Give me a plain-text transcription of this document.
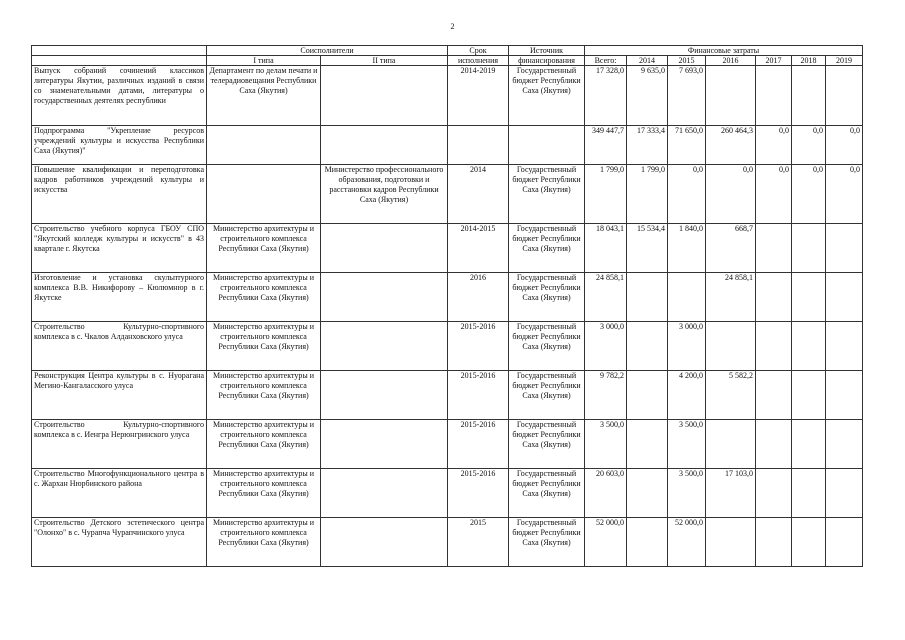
2
	Соисполнители		Срок	Источник	Финансовые затраты						
	I типа	II типа	исполнения	финансирования	Всего:	2014	2015	2016	2017	2018	2019
Выпуск собраний сочинений классиков литературы Якутии, различных изданий в связи со знаменательными датами, литературы о государственных деятелях республики	Департамент по делам печати и телерадиовещания Республики Саха (Якутия)		2014-2019	Государственный бюджет Республики Саха (Якутия)	17 328,0	9 635,0	7 693,0				
Подпрограмма "Укрепление ресурсов учреждений культуры и искусства Республики Саха (Якутия)"					349 447,7	17 333,4	71 650,0	260 464,3	0,0	0,0	0,0
Повышение квалификации и переподготовка кадров работников учреждений культуры и искусства		Министерство профессионального образования, подготовки и расстановки кадров Республики Саха (Якутия)	2014	Государственный бюджет Республики Саха (Якутия)	1 799,0	1 799,0	0,0	0,0	0,0	0,0	0,0
Строительство учебного корпуса ГБОУ СПО "Якутский колледж культуры и искусств" в 43 квартале г. Якутска	Министерство архитектуры и строительного комплекса Республики Саха (Якутия)		2014-2015	Государственный бюджет Республики Саха (Якутия)	18 043,1	15 534,4	1 840,0	668,7			
Изготовление и установка скульптурного комплекса В.В. Никифорову – Кюлюмнюр в г. Якутске	Министерство архитектуры и строительного комплекса Республики Саха (Якутия)		2016	Государственный бюджет Республики Саха (Якутия)	24 858,1			24 858,1			
Строительство Культурно-спортивного комплекса в с. Чкалов Алданховского улуса	Министерство архитектуры и строительного комплекса Республики Саха (Якутия)		2015-2016	Государственный бюджет Республики Саха (Якутия)	3 000,0		3 000,0				
Реконструкция Центра культуры в с. Нуорагана Мегино-Кангаласского улуса	Министерство архитектуры и строительного комплекса Республики Саха (Якутия)		2015-2016	Государственный бюджет Республики Саха (Якутия)	9 782,2		4 200,0	5 582,2			
Строительство Культурно-спортивного комплекса в с. Иенгра Нерюнгринского улуса	Министерство архитектуры и строительного комплекса Республики Саха (Якутия)		2015-2016	Государственный бюджет Республики Саха (Якутия)	3 500,0		3 500,0				
Строительство Многофункционального центра в с. Жархан Нюрбинского района	Министерство архитектуры и строительного комплекса Республики Саха (Якутия)		2015-2016	Государственный бюджет Республики Саха (Якутия)	20 603,0		3 500,0	17 103,0			
Строительство Детского эстетического центра "Олонхо" в с. Чурапча Чурапчинского улуса	Министерство архитектуры и строительного комплекса Республики Саха (Якутия)		2015	Государственный бюджет Республики Саха (Якутия)	52 000,0		52 000,0				
